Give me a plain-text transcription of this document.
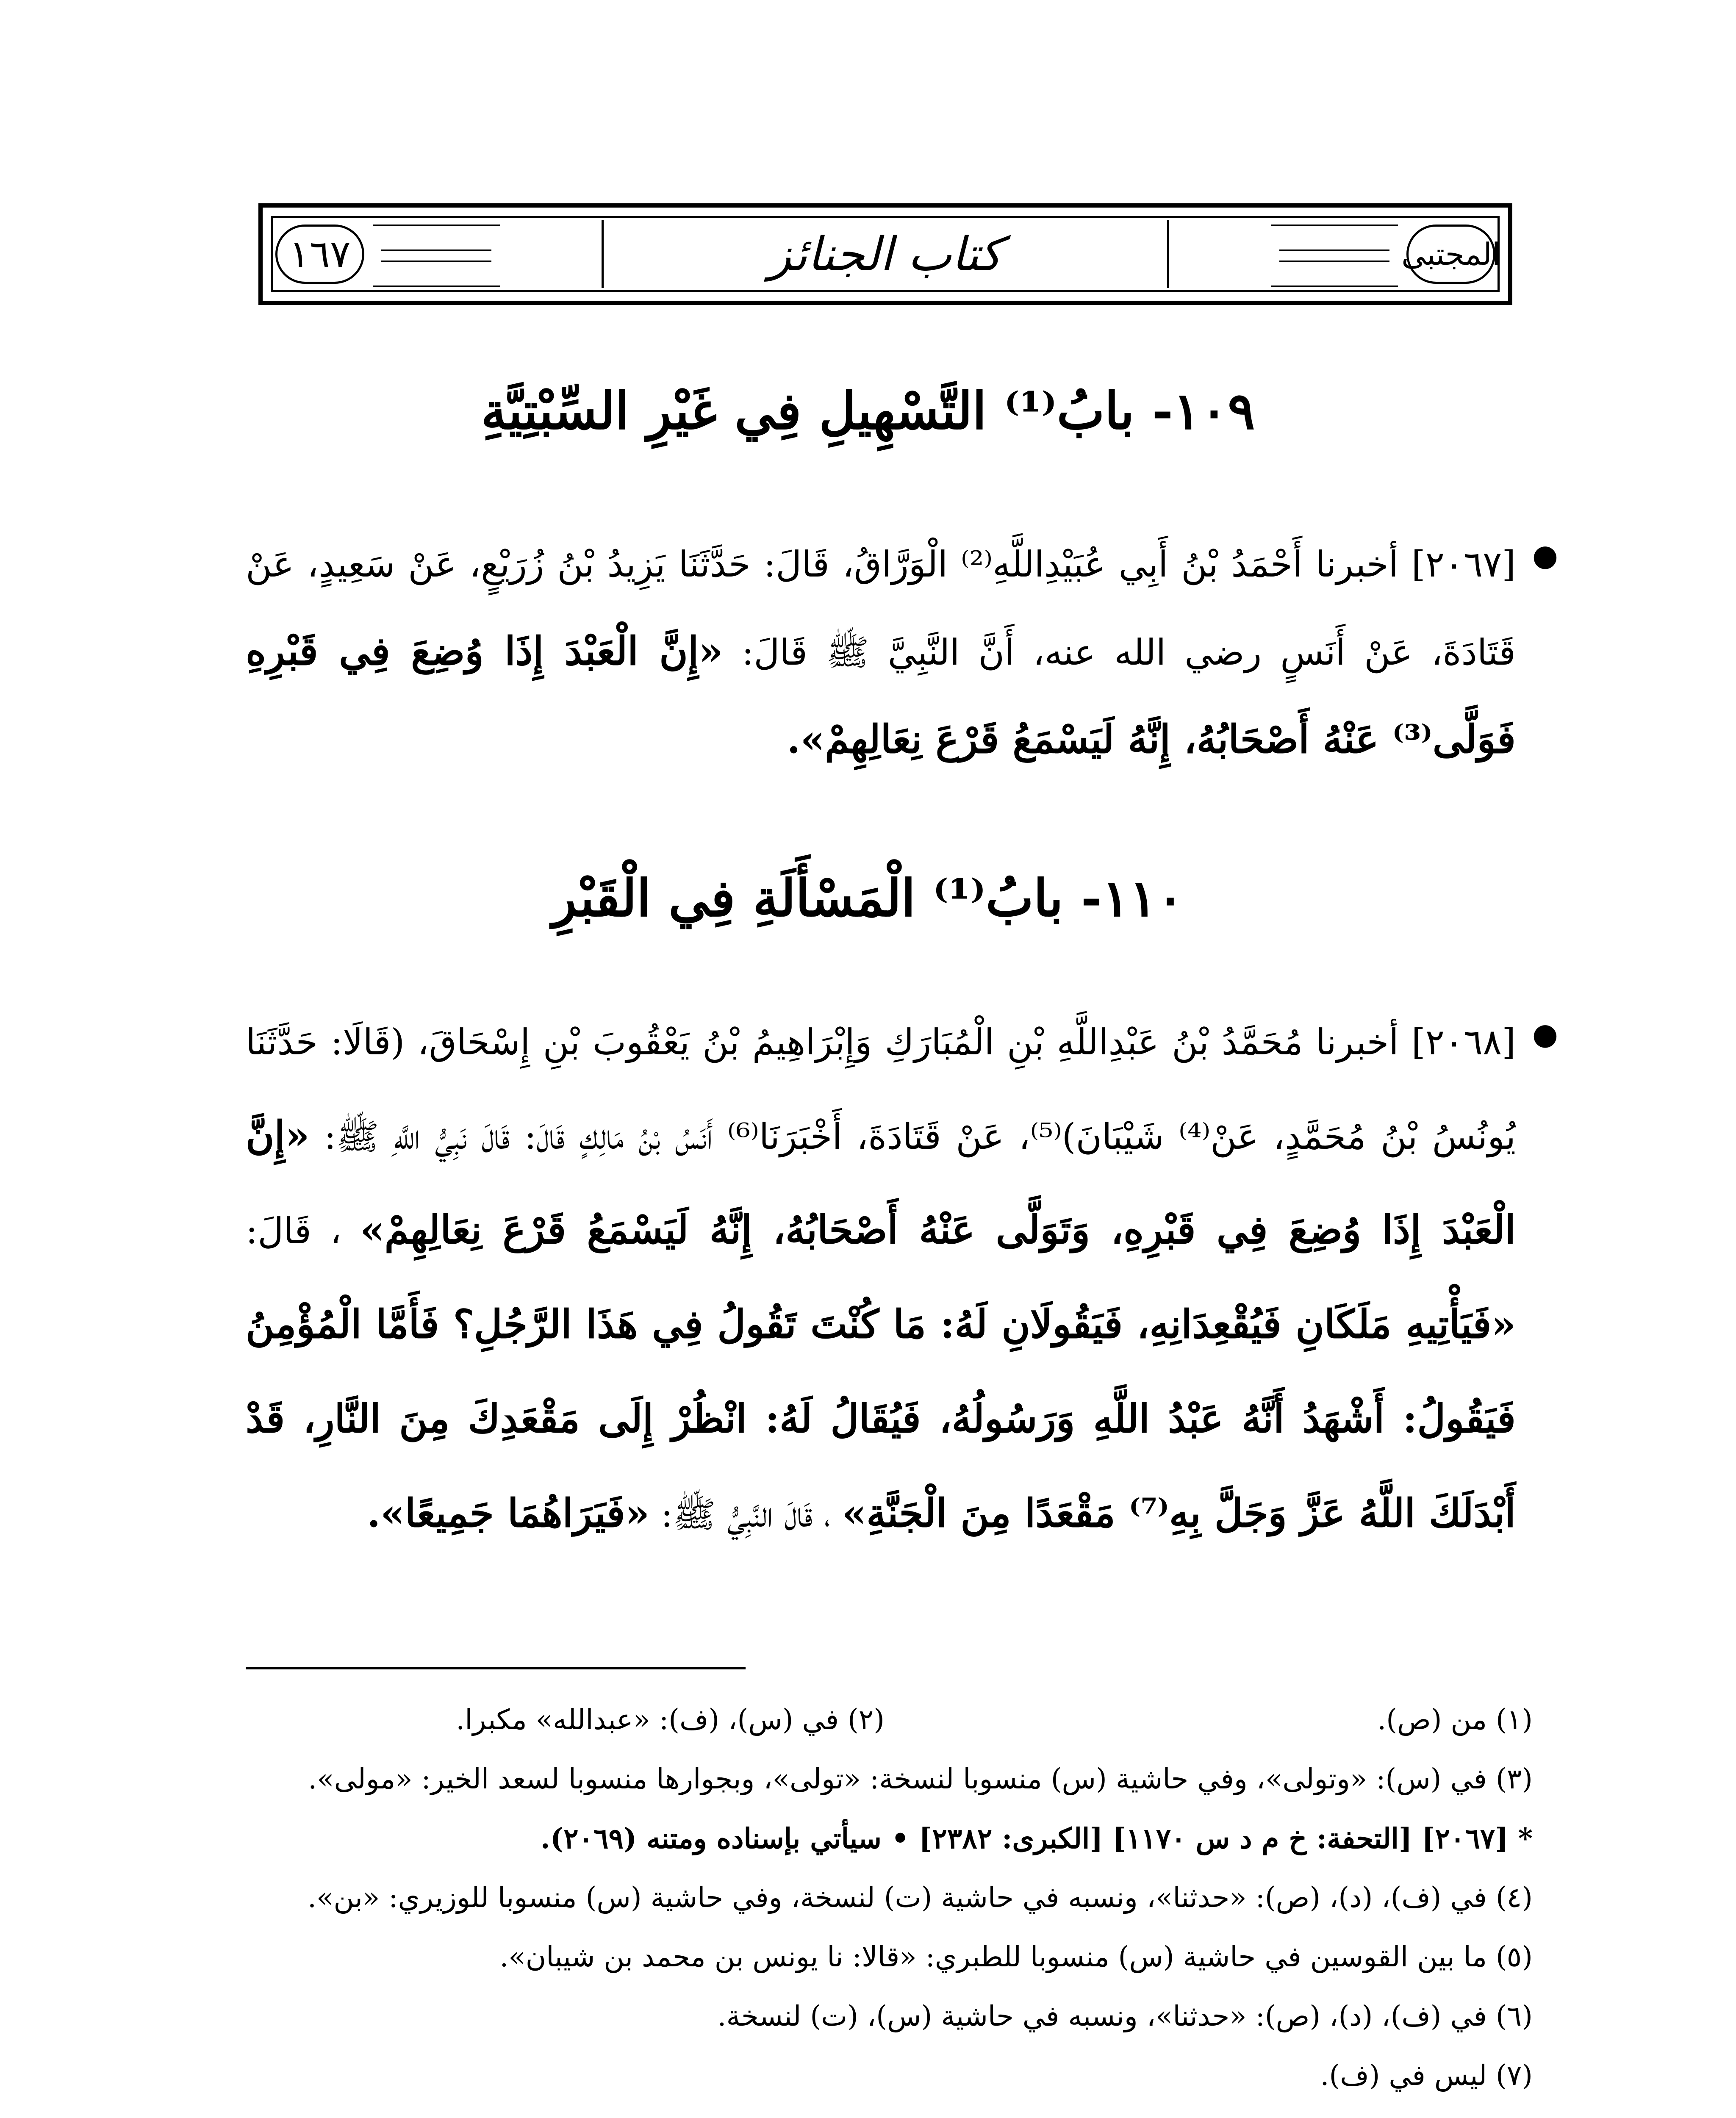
١٦٧	كتاب الجنائز	المجتبى
١٠٩- بابُ⁽¹⁾ التَّسْهِيلِ فِي غَيْرِ السِّبْتِيَّةِ
●
[٢٠٦٧] أخبرنا أَحْمَدُ بْنُ أَبِي عُبَيْدِاللَّهِ⁽²⁾ الْوَرَّاقُ، قَالَ: حَدَّثَنَا يَزِيدُ بْنُ زُرَيْعٍ، عَنْ سَعِيدٍ، عَنْ قَتَادَةَ، عَنْ أَنَسٍ رضي الله عنه، أَنَّ النَّبِيَّ ﷺ قَالَ: «إِنَّ الْعَبْدَ إِذَا وُضِعَ فِي قَبْرِهِ فَوَلَّى⁽³⁾ عَنْهُ أَصْحَابُهُ، إِنَّهُ لَيَسْمَعُ قَرْعَ نِعَالِهِمْ».
١١٠- بابُ⁽¹⁾ الْمَسْأَلَةِ فِي الْقَبْرِ
●
[٢٠٦٨] أخبرنا مُحَمَّدُ بْنُ عَبْدِاللَّهِ بْنِ الْمُبَارَكِ وَإِبْرَاهِيمُ بْنُ يَعْقُوبَ بْنِ إِسْحَاقَ، (قَالَا: حَدَّثَنَا يُونُسُ بْنُ مُحَمَّدٍ، عَنْ⁽⁴⁾ شَيْبَانَ)⁽⁵⁾، عَنْ قَتَادَةَ، أَخْبَرَنَا⁽⁶⁾ أَنَسُ بْنُ مَالِكٍ قَالَ: قَالَ نَبِيُّ اللَّهِ ﷺ: «إِنَّ الْعَبْدَ إِذَا وُضِعَ فِي قَبْرِهِ، وَتَوَلَّى عَنْهُ أَصْحَابُهُ، إِنَّهُ لَيَسْمَعُ قَرْعَ نِعَالِهِمْ» ، قَالَ: «فَيَأْتِيهِ مَلَكَانِ فَيُقْعِدَانِهِ، فَيَقُولَانِ لَهُ: مَا كُنْتَ تَقُولُ فِي هَذَا الرَّجُلِ؟ فَأَمَّا الْمُؤْمِنُ فَيَقُولُ: أَشْهَدُ أَنَّهُ عَبْدُ اللَّهِ وَرَسُولُهُ، فَيُقَالُ لَهُ: انْظُرْ إِلَى مَقْعَدِكَ مِنَ النَّارِ، قَدْ أَبْدَلَكَ اللَّهُ عَزَّ وَجَلَّ بِهِ⁽⁷⁾ مَقْعَدًا مِنَ الْجَنَّةِ» ، قَالَ النَّبِيُّ ﷺ: «فَيَرَاهُمَا جَمِيعًا».
(١) من (ص).
(٢) في (س)، (ف): «عبدالله» مكبرا.
(٣) في (س): «وتولى»، وفي حاشية (س) منسوبا لنسخة: «تولى»، وبجوارها منسوبا لسعد الخير: «مولى».
* [٢٠٦٧] [التحفة: خ م د س ١١٧٠] [الكبرى: ٢٣٨٢] • سيأتي بإسناده ومتنه (٢٠٦٩).
(٤) في (ف)، (د)، (ص): «حدثنا»، ونسبه في حاشية (ت) لنسخة، وفي حاشية (س) منسوبا للوزيري: «بن».
(٥) ما بين القوسين في حاشية (س) منسوبا للطبري: «قالا: نا يونس بن محمد بن شيبان».
(٦) في (ف)، (د)، (ص): «حدثنا»، ونسبه في حاشية (س)، (ت) لنسخة.
(٧) ليس في (ف).
